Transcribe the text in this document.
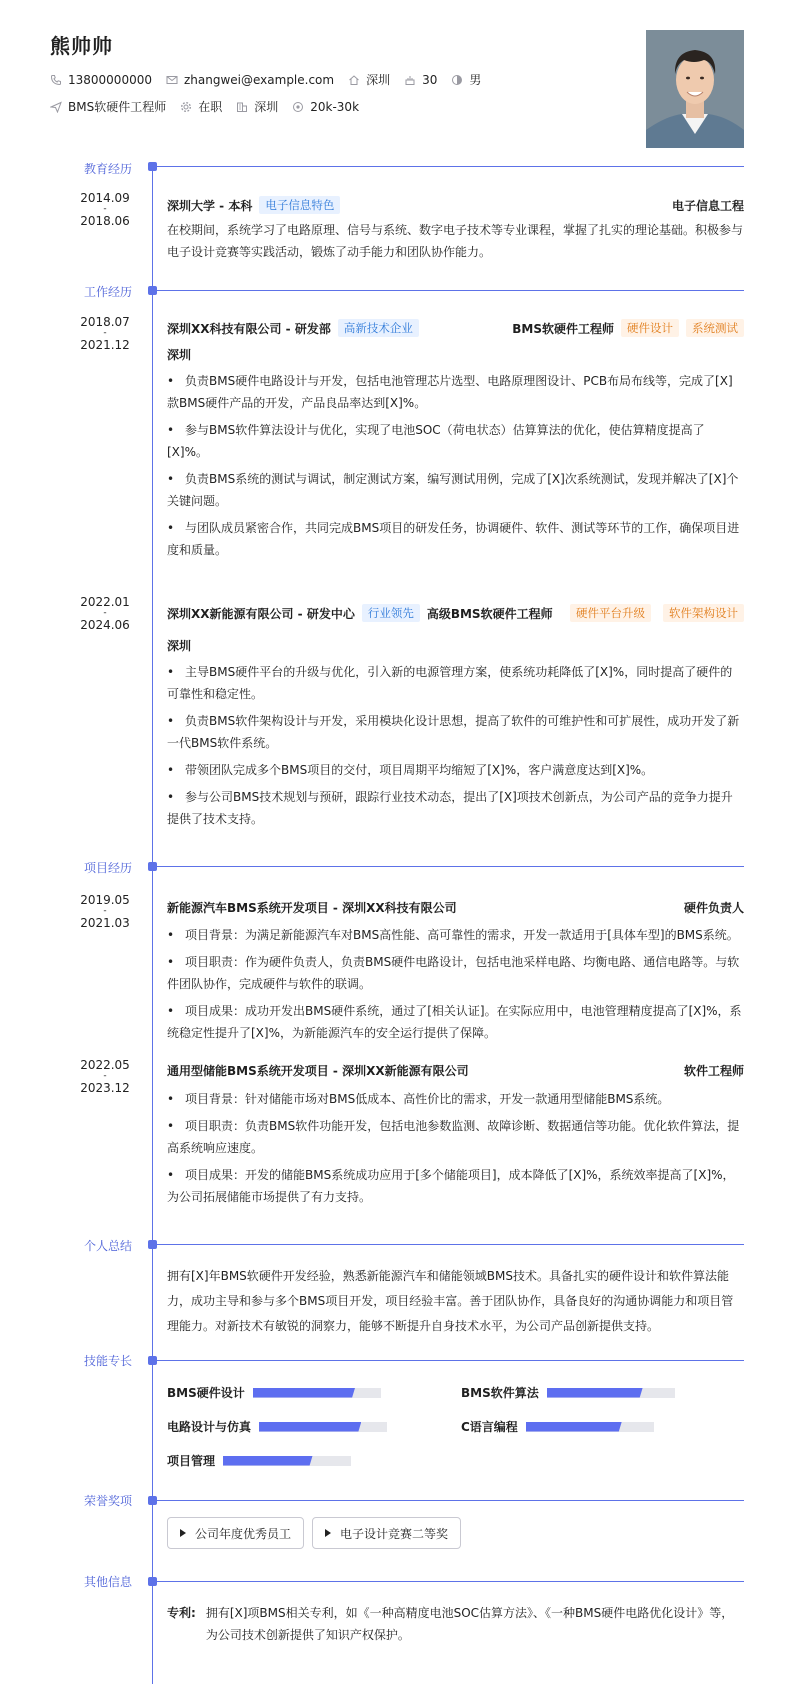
熊帅帅
13800000000	zhangwei@example.com	深圳	30	男
BMS软硬件工程师	在职	深圳	20k-30k
教育经历
2014.09
-
2018.06
深圳大学 - 本科	电子信息特色	电子信息工程
在校期间，系统学习了电路原理、信号与系统、数字电子技术等专业课程，掌握了扎实的理论基础。积极参与电子设计竞赛等实践活动，锻炼了动手能力和团队协作能力。
工作经历
2018.07
-
2021.12
深圳XX科技有限公司 - 研发部	高新技术企业	BMS软硬件工程师	硬件设计	系统测试
深圳
• 负责BMS硬件电路设计与开发，包括电池管理芯片选型、电路原理图设计、PCB布局布线等，完成了[X]款BMS硬件产品的开发，产品良品率达到[X]%。
• 参与BMS软件算法设计与优化，实现了电池SOC（荷电状态）估算算法的优化，使估算精度提高了[X]%。
• 负责BMS系统的测试与调试，制定测试方案，编写测试用例，完成了[X]次系统测试，发现并解决了[X]个关键问题。
• 与团队成员紧密合作，共同完成BMS项目的研发任务，协调硬件、软件、测试等环节的工作，确保项目进度和质量。
2022.01
-
2024.06
深圳XX新能源有限公司 - 研发中心	行业领先	高级BMS软硬件工程师	硬件平台升级	软件架构设计
深圳
• 主导BMS硬件平台的升级与优化，引入新的电源管理方案，使系统功耗降低了[X]%，同时提高了硬件的可靠性和稳定性。
• 负责BMS软件架构设计与开发，采用模块化设计思想，提高了软件的可维护性和可扩展性，成功开发了新一代BMS软件系统。
• 带领团队完成多个BMS项目的交付，项目周期平均缩短了[X]%，客户满意度达到[X]%。
• 参与公司BMS技术规划与预研，跟踪行业技术动态，提出了[X]项技术创新点，为公司产品的竞争力提升提供了技术支持。
项目经历
2019.05
-
2021.03
新能源汽车BMS系统开发项目 - 深圳XX科技有限公司	硬件负责人
• 项目背景：为满足新能源汽车对BMS高性能、高可靠性的需求，开发一款适用于[具体车型]的BMS系统。
• 项目职责：作为硬件负责人，负责BMS硬件电路设计，包括电池采样电路、均衡电路、通信电路等。与软件团队协作，完成硬件与软件的联调。
• 项目成果：成功开发出BMS硬件系统，通过了[相关认证]。在实际应用中，电池管理精度提高了[X]%，系统稳定性提升了[X]%，为新能源汽车的安全运行提供了保障。
2022.05
-
2023.12
通用型储能BMS系统开发项目 - 深圳XX新能源有限公司	软件工程师
• 项目背景：针对储能市场对BMS低成本、高性价比的需求，开发一款通用型储能BMS系统。
• 项目职责：负责BMS软件功能开发，包括电池参数监测、故障诊断、数据通信等功能。优化软件算法，提高系统响应速度。
• 项目成果：开发的储能BMS系统成功应用于[多个储能项目]，成本降低了[X]%，系统效率提高了[X]%，为公司拓展储能市场提供了有力支持。
个人总结
拥有[X]年BMS软硬件开发经验，熟悉新能源汽车和储能领域BMS技术。具备扎实的硬件设计和软件算法能力，成功主导和参与多个BMS项目开发，项目经验丰富。善于团队协作，具备良好的沟通协调能力和项目管理能力。对新技术有敏锐的洞察力，能够不断提升自身技术水平，为公司产品创新提供支持。
技能专长
BMS硬件设计	BMS软件算法
电路设计与仿真	C语言编程
项目管理
荣誉奖项
公司年度优秀员工	电子设计竞赛二等奖
其他信息
专利: 拥有[X]项BMS相关专利，如《一种高精度电池SOC估算方法》、《一种BMS硬件电路优化设计》等，为公司技术创新提供了知识产权保护。
